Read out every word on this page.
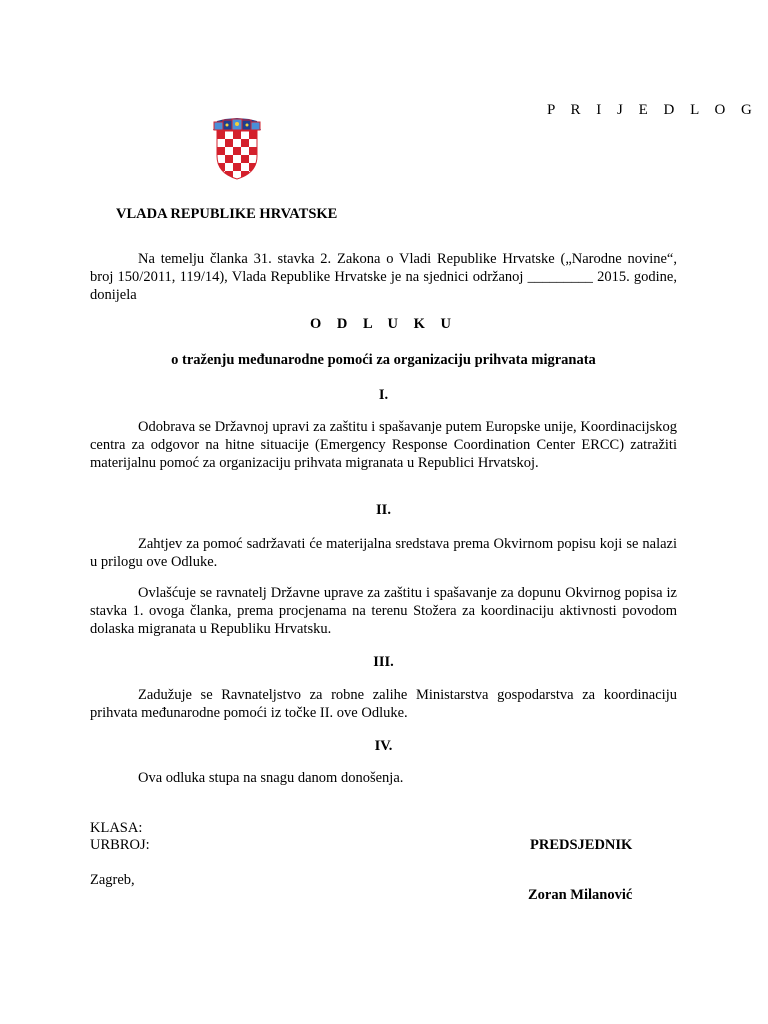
P R I J E D L O G
VLADA REPUBLIKE HRVATSKE
Na temelju članka 31. stavka 2. Zakona o Vladi Republike Hrvatske („Narodne novine“, broj 150/2011, 119/14), Vlada Republike Hrvatske je na sjednici održanoj _________ 2015. godine, donijela
O D L U K U
o traženju međunarodne pomoći za organizaciju prihvata migranata
I.
Odobrava se Državnoj upravi za zaštitu i spašavanje putem Europske unije, Koordinacijskog centra za odgovor na hitne situacije (Emergency Response Coordination Center ERCC) zatražiti materijalnu pomoć za organizaciju prihvata migranata u Republici Hrvatskoj.
II.
Zahtjev za pomoć sadržavati će materijalna sredstava prema Okvirnom popisu koji se nalazi u prilogu ove Odluke.
Ovlašćuje se ravnatelj Državne uprave za zaštitu i spašavanje za dopunu Okvirnog popisa iz stavka 1. ovoga članka, prema procjenama na terenu Stožera za koordinaciju aktivnosti povodom dolaska migranata u Republiku Hrvatsku.
III.
Zadužuje se Ravnateljstvo za robne zalihe Ministarstva gospodarstva za koordinaciju prihvata međunarodne pomoći iz točke II. ove Odluke.
IV.
Ova odluka stupa na snagu danom donošenja.
KLASA:
URBROJ:	PREDSJEDNIK
Zagreb,
Zoran Milanović
